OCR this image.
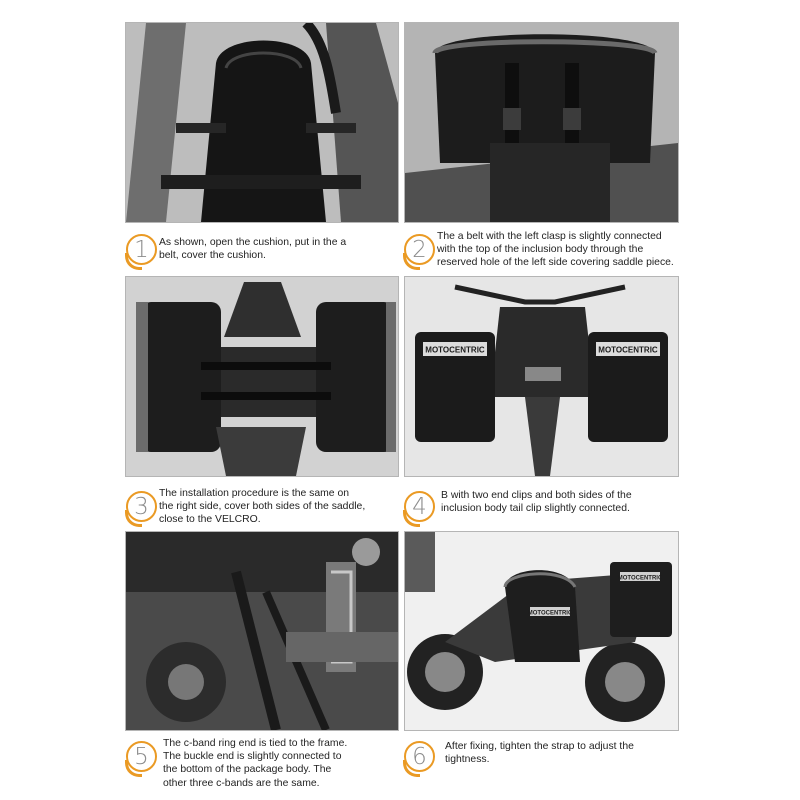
1 As shown, open the cushion, put in the a
belt, cover the cushion.	2
The a belt with the left clasp is slightly connected
with the top of the inclusion body through the
reserved hole of the left side covering saddle piece.
3
The installation procedure is the same on
the right side, cover both sides of the saddle,
close to the VELCRO.
MOTOCENTRIC	MOTOCENTRIC
4	B with two end clips and both sides of the
inclusion body tail clip slightly connected.
5
The c-band ring end is tied to the frame.
The buckle end is slightly connected to
the bottom of the package body. The
other three c-bands are the same.
MOTOCENTRIC
MOTOCENTRIC
6	After fixing, tighten the strap to adjust the
tightness.
